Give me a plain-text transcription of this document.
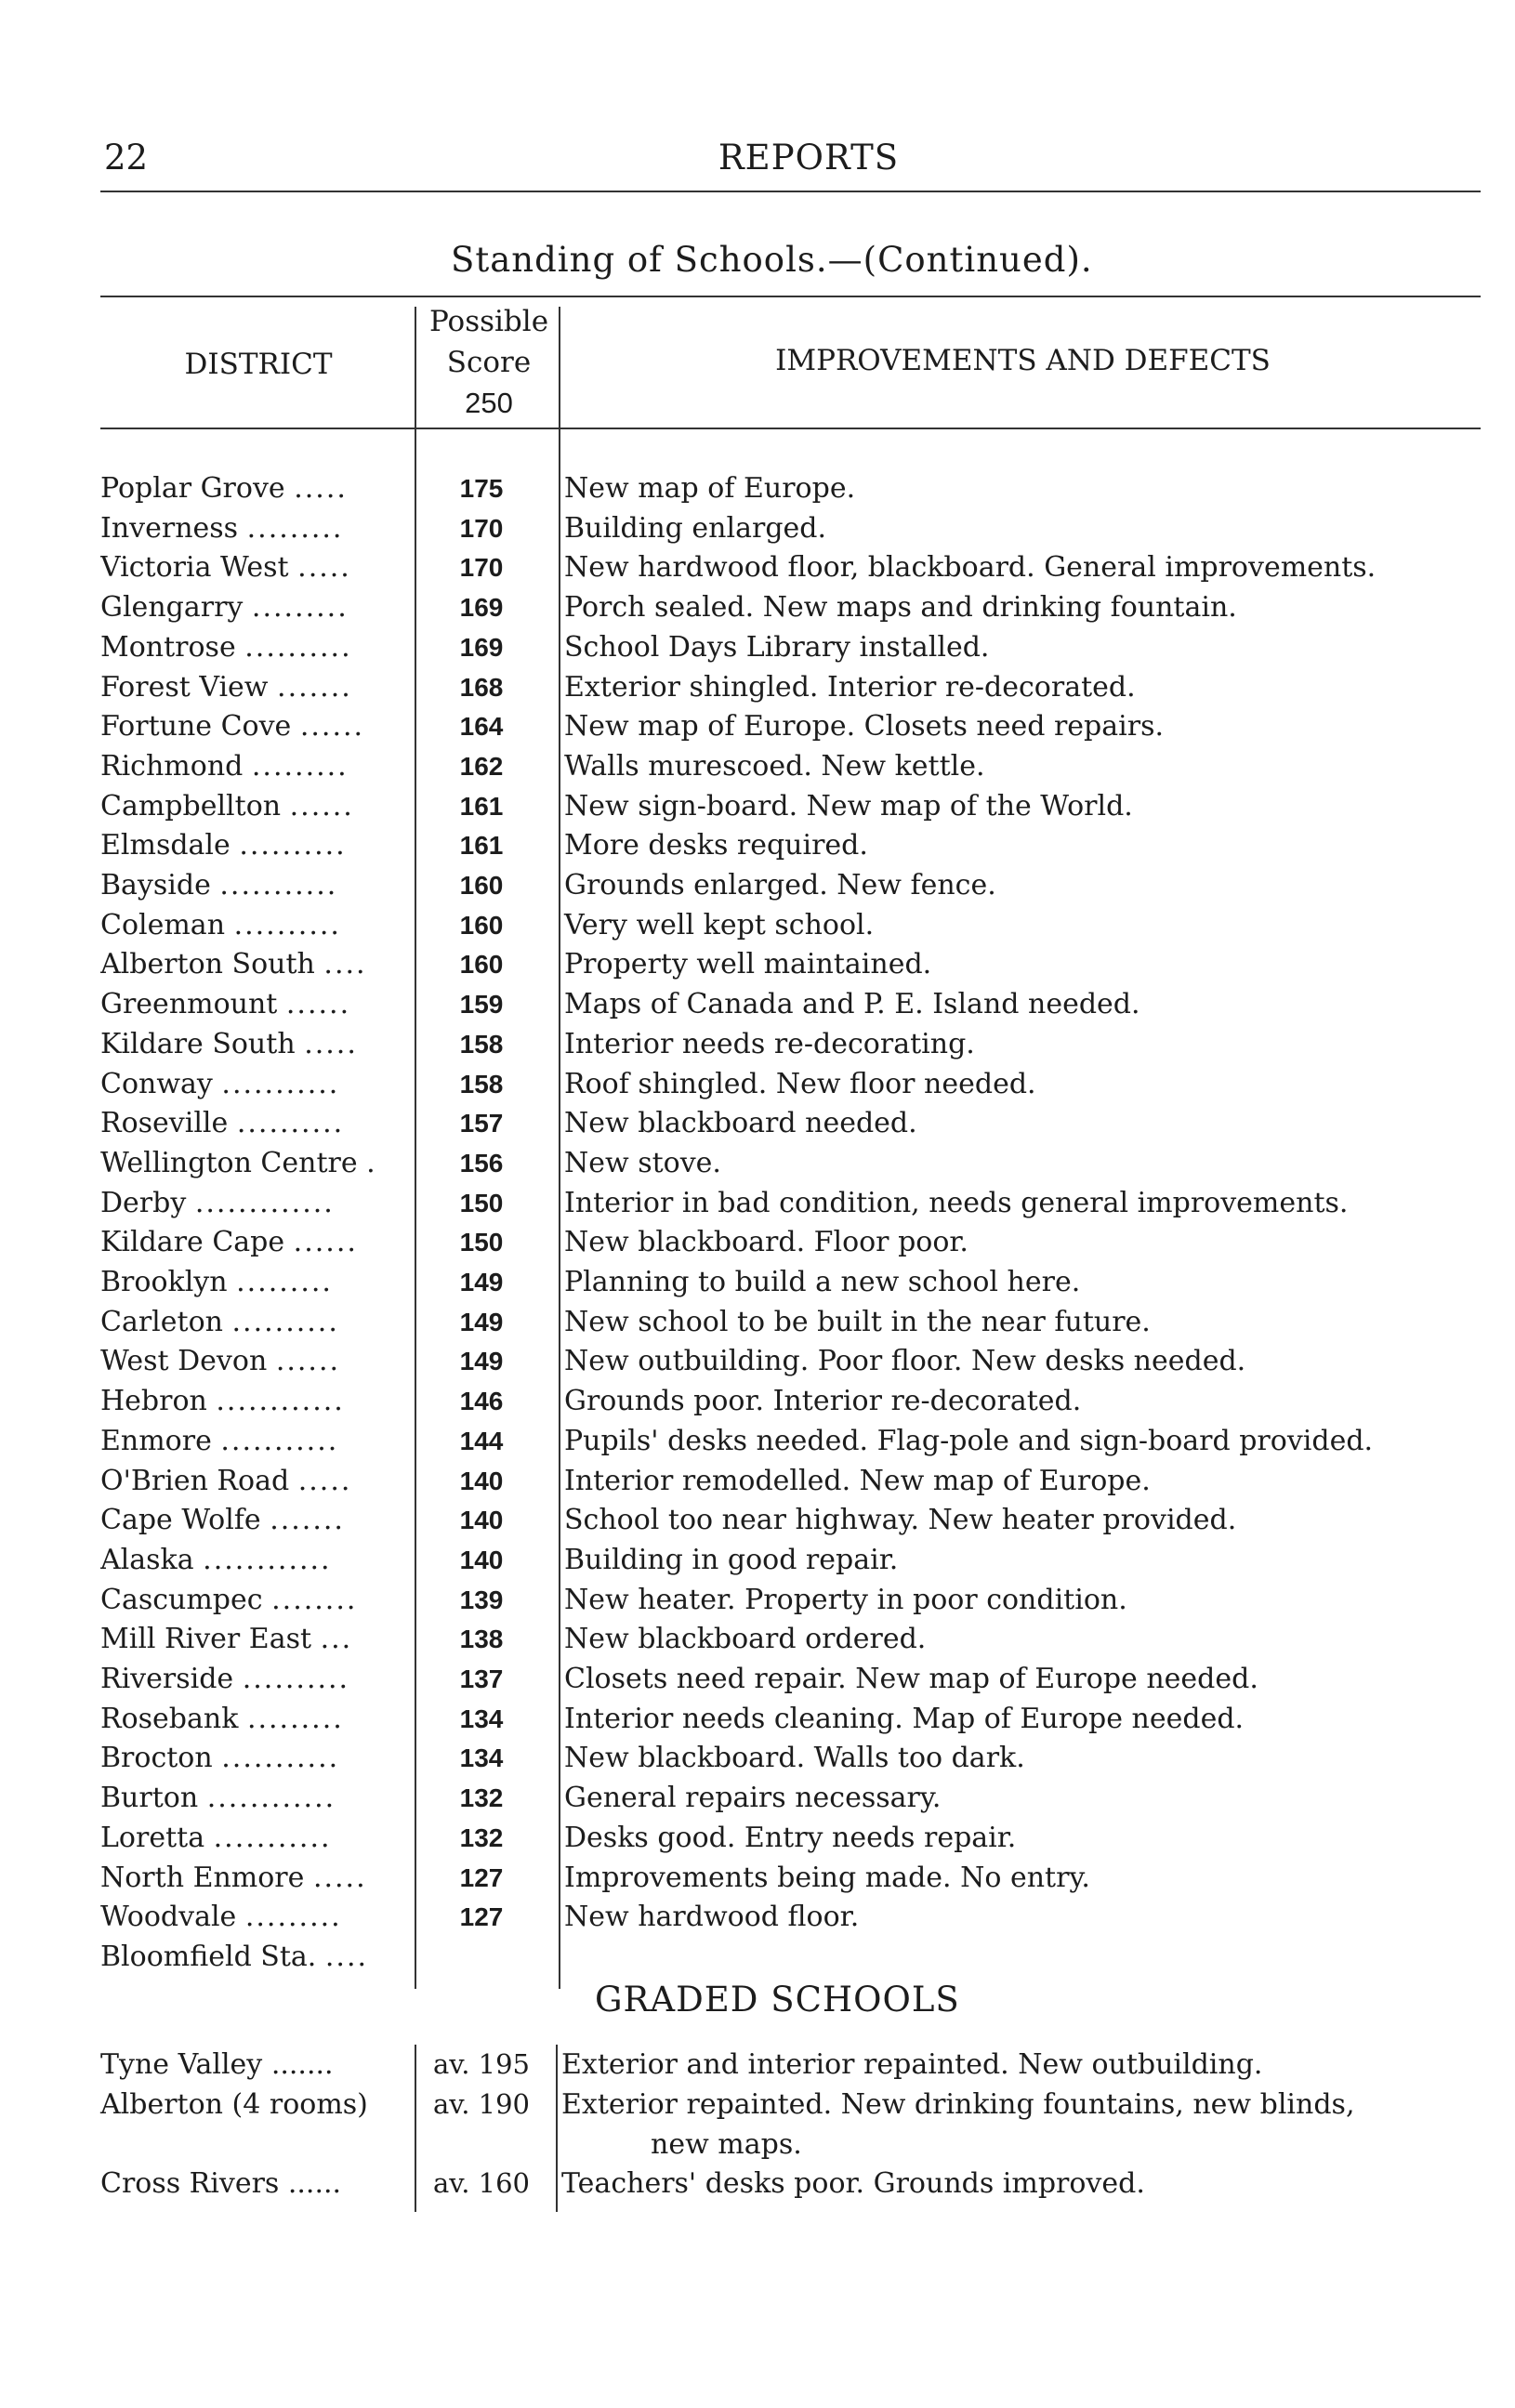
22	REPORTS
Standing of Schools.—(Continued).
DISTRICT
Possible
Score
250
IMPROVEMENTS AND DEFECTS
Poplar Grove .....	175	New map of Europe.
Inverness .........	170	Building enlarged.
Victoria West .....	170	New hardwood floor, blackboard. General improvements.
Glengarry .........	169	Porch sealed. New maps and drinking fountain.
Montrose ..........	169	School Days Library installed.
Forest View .......	168	Exterior shingled. Interior re-decorated.
Fortune Cove ......	164	New map of Europe. Closets need repairs.
Richmond .........	162	Walls murescoed. New kettle.
Campbellton ......	161	New sign-board. New map of the World.
Elmsdale ..........	161	More desks required.
Bayside ...........	160	Grounds enlarged. New fence.
Coleman ..........	160	Very well kept school.
Alberton South ....	160	Property well maintained.
Greenmount ......	159	Maps of Canada and P. E. Island needed.
Kildare South .....	158	Interior needs re-decorating.
Conway ...........	158	Roof shingled. New floor needed.
Roseville ..........	157	New blackboard needed.
Wellington Centre .	156	New stove.
Derby .............	150	Interior in bad condition, needs general improvements.
Kildare Cape ......	150	New blackboard. Floor poor.
Brooklyn .........	149	Planning to build a new school here.
Carleton ..........	149	New school to be built in the near future.
West Devon ......	149	New outbuilding. Poor floor. New desks needed.
Hebron ............	146	Grounds poor. Interior re-decorated.
Enmore ...........	144	Pupils' desks needed. Flag-pole and sign-board provided.
O'Brien Road .....	140	Interior remodelled. New map of Europe.
Cape Wolfe .......	140	School too near highway. New heater provided.
Alaska ............	140	Building in good repair.
Cascumpec ........	139	New heater. Property in poor condition.
Mill River East ...	138	New blackboard ordered.
Riverside ..........	137	Closets need repair. New map of Europe needed.
Rosebank .........	134	Interior needs cleaning. Map of Europe needed.
Brocton ...........	134	New blackboard. Walls too dark.
Burton ............	132	General repairs necessary.
Loretta ...........	132	Desks good. Entry needs repair.
North Enmore .....	127	Improvements being made. No entry.
Woodvale .........	127	New hardwood floor.
Bloomfield Sta. ....
GRADED SCHOOLS
Tyne Valley .......	av. 195	Exterior and interior repainted. New outbuilding.
Alberton (4 rooms)	av. 190	Exterior repainted. New drinking fountains, new blinds,
new maps.
Cross Rivers ......	av. 160	Teachers' desks poor. Grounds improved.
